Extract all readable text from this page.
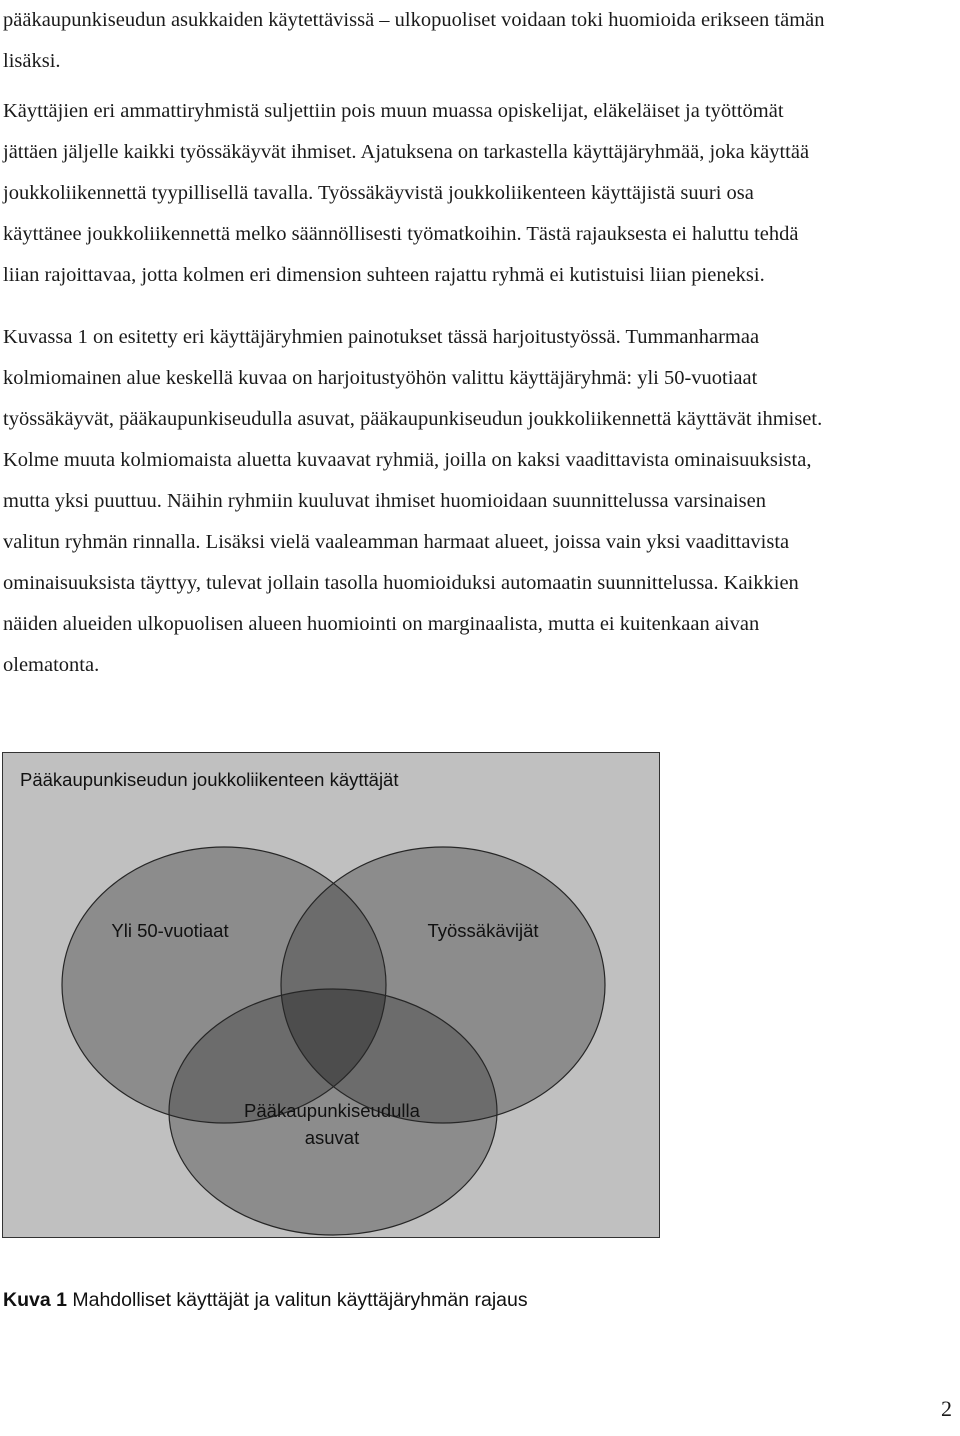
pääkaupunkiseudun asukkaiden käytettävissä – ulkopuoliset voidaan toki huomioida erikseen tämän
lisäksi.

Käyttäjien eri ammattiryhmistä suljettiin pois muun muassa opiskelijat, eläkeläiset ja työttömät
jättäen jäljelle kaikki työssäkäyvät ihmiset. Ajatuksena on tarkastella käyttäjäryhmää, joka käyttää
joukkoliikennettä tyypillisellä tavalla. Työssäkäyvistä joukkoliikenteen käyttäjistä suuri osa
käyttänee joukkoliikennettä melko säännöllisesti työmatkoihin. Tästä rajauksesta ei haluttu tehdä
liian rajoittavaa, jotta kolmen eri dimension suhteen rajattu ryhmä ei kutistuisi liian pieneksi.

Kuvassa 1 on esitetty eri käyttäjäryhmien painotukset tässä harjoitustyössä. Tummanharmaa
kolmiomainen alue keskellä kuvaa on harjoitustyöhön valittu käyttäjäryhmä: yli 50-vuotiaat
työssäkäyvät, pääkaupunkiseudulla asuvat, pääkaupunkiseudun joukkoliikennettä käyttävät ihmiset.
Kolme muuta kolmiomaista aluetta kuvaavat ryhmiä, joilla on kaksi vaadittavista ominaisuuksista,
mutta yksi puuttuu. Näihin ryhmiin kuuluvat ihmiset huomioidaan suunnittelussa varsinaisen
valitun ryhmän rinnalla. Lisäksi vielä vaaleamman harmaat alueet, joissa vain yksi vaadittavista
ominaisuuksista täyttyy, tulevat jollain tasolla huomioiduksi automaatin suunnittelussa. Kaikkien
näiden alueiden ulkopuolisen alueen huomiointi on marginaalista, mutta ei kuitenkaan aivan
olematonta.

Pääkaupunkiseudun joukkoliikenteen käyttäjät
Yli 50-vuotiaat	Työssäkävijät
Pääkaupunkiseudulla
asuvat
Kuva 1 Mahdolliset käyttäjät ja valitun käyttäjäryhmän rajaus
2
